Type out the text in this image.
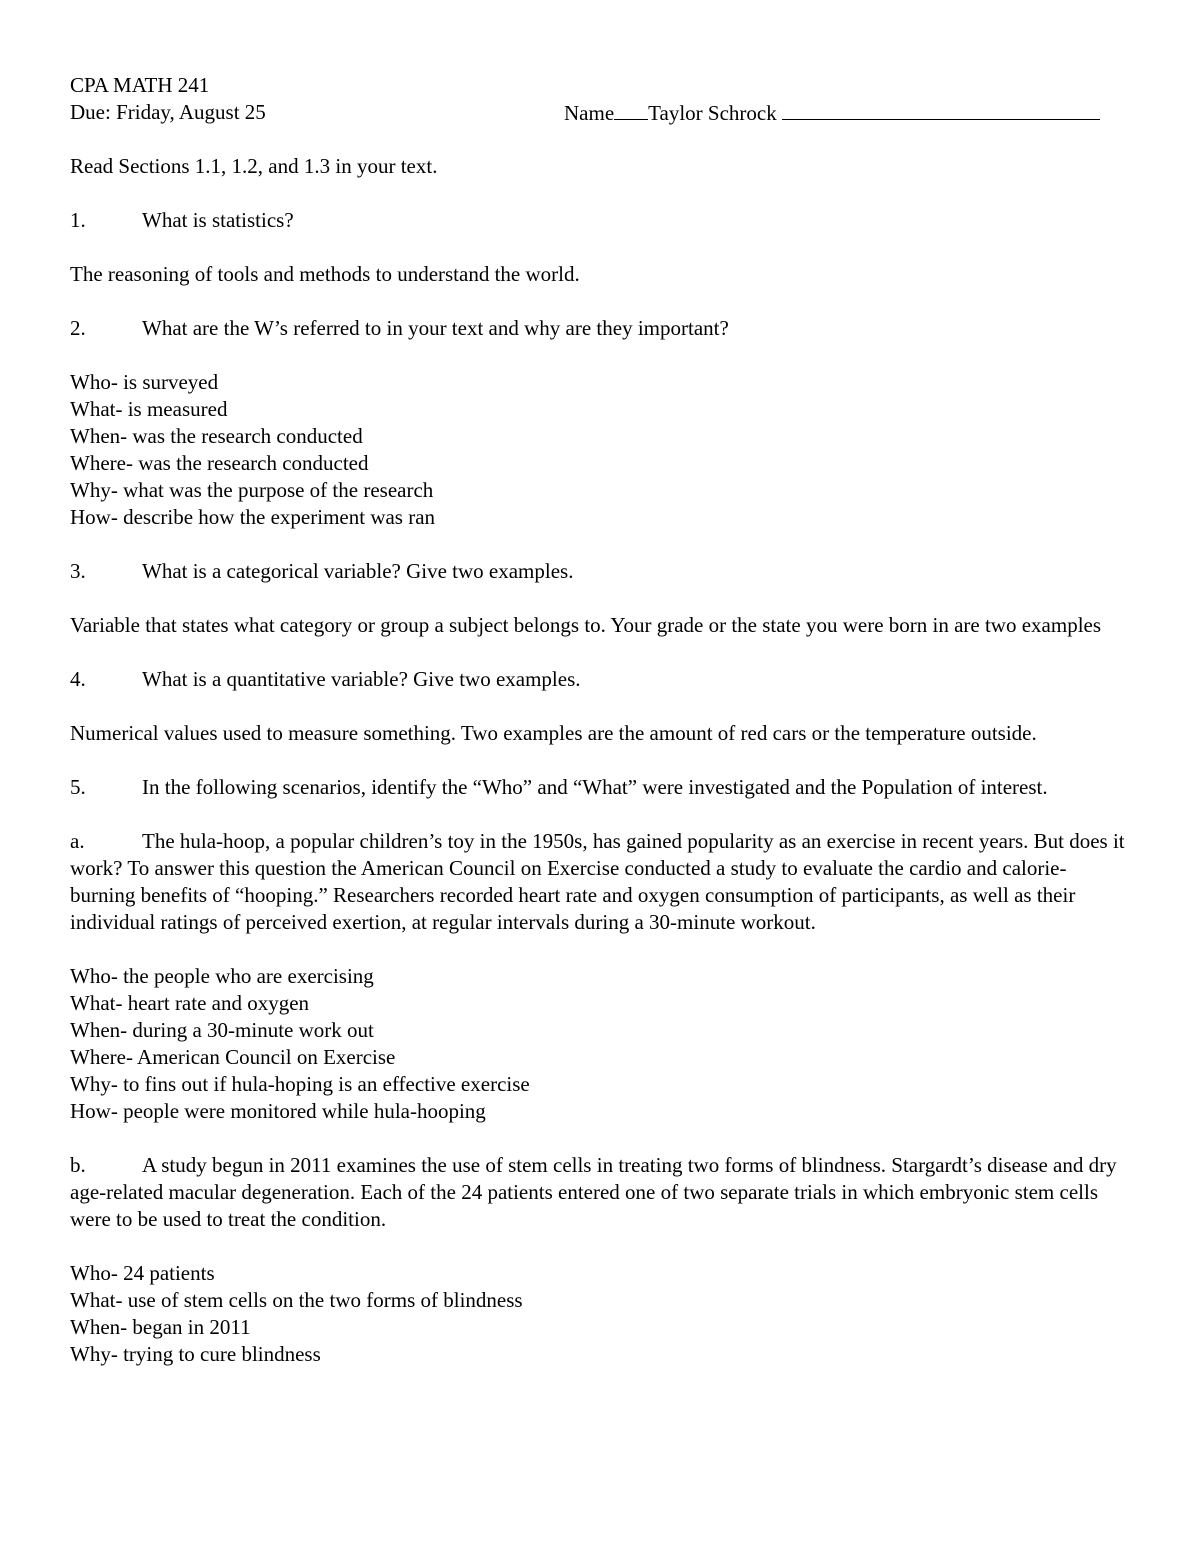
CPA MATH 241
Due: Friday, August 25	Name Taylor Schrock
Read Sections 1.1, 1.2, and 1.3 in your text.
1.	What is statistics?
The reasoning of tools and methods to understand the world.
2.	What are the W’s referred to in your text and why are they important?
Who- is surveyed
What- is measured
When- was the research conducted
Where- was the research conducted
Why- what was the purpose of the research
How- describe how the experiment was ran
3.	What is a categorical variable? Give two examples.
Variable that states what category or group a subject belongs to. Your grade or the state you were born in are two examples
4.	What is a quantitative variable? Give two examples.
Numerical values used to measure something. Two examples are the amount of red cars or the temperature outside.
5.	In the following scenarios, identify the “Who” and “What” were investigated and the Population of interest.
a.	The hula-hoop, a popular children’s toy in the 1950s, has gained popularity as an exercise in recent years. But does it work? To answer this question the American Council on Exercise conducted a study to evaluate the cardio and calorie-burning benefits of “hooping.” Researchers recorded heart rate and oxygen consumption of participants, as well as their individual ratings of perceived exertion, at regular intervals during a 30-minute workout.
Who- the people who are exercising
What- heart rate and oxygen
When- during a 30-minute work out
Where- American Council on Exercise
Why- to fins out if hula-hoping is an effective exercise
How- people were monitored while hula-hooping
b.	A study begun in 2011 examines the use of stem cells in treating two forms of blindness. Stargardt’s disease and dry age-related macular degeneration. Each of the 24 patients entered one of two separate trials in which embryonic stem cells were to be used to treat the condition.
Who- 24 patients
What- use of stem cells on the two forms of blindness
When- began in 2011
Why- trying to cure blindness
